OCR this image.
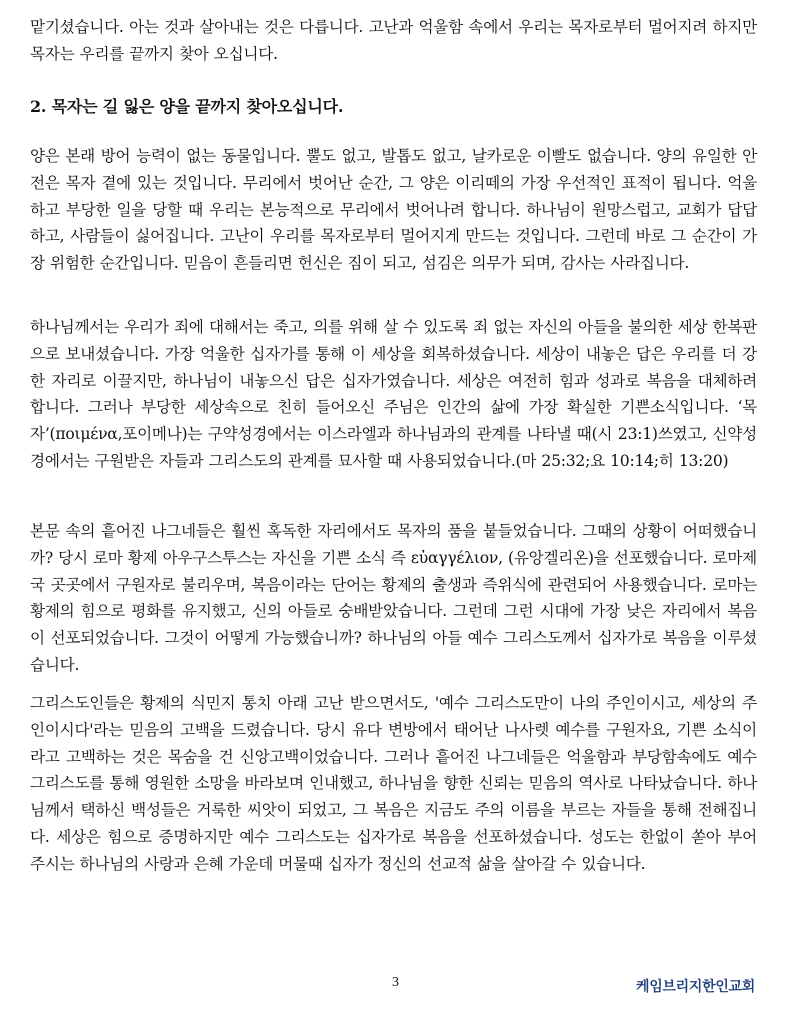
맡기셨습니다. 아는 것과 살아내는 것은 다릅니다. 고난과 억울함 속에서 우리는 목자로부터 멀어지려 하지만 목자는 우리를 끝까지 찾아 오십니다.

2. 목자는 길 잃은 양을 끝까지 찾아오십니다.

양은 본래 방어 능력이 없는 동물입니다. 뿔도 없고, 발톱도 없고, 날카로운 이빨도 없습니다. 양의 유일한 안전은 목자 곁에 있는 것입니다. 무리에서 벗어난 순간, 그 양은 이리떼의 가장 우선적인 표적이 됩니다. 억울하고 부당한 일을 당할 때 우리는 본능적으로 무리에서 벗어나려 합니다. 하나님이 원망스럽고, 교회가 답답하고, 사람들이 싫어집니다. 고난이 우리를 목자로부터 멀어지게 만드는 것입니다. 그런데 바로 그 순간이 가장 위험한 순간입니다. 믿음이 흔들리면 헌신은 짐이 되고, 섬김은 의무가 되며, 감사는 사라집니다.

하나님께서는 우리가 죄에 대해서는 죽고, 의를 위해 살 수 있도록 죄 없는 자신의 아들을 불의한 세상 한복판으로 보내셨습니다. 가장 억울한 십자가를 통해 이 세상을 회복하셨습니다. 세상이 내놓은 답은 우리를 더 강한 자리로 이끌지만, 하나님이 내놓으신 답은 십자가였습니다. 세상은 여전히 힘과 성과로 복음을 대체하려 합니다. 그러나 부당한 세상속으로 친히 들어오신 주님은 인간의 삶에 가장 확실한 기쁜소식입니다. ‘목자’(ποιμένα,포이메나)는 구약성경에서는 이스라엘과 하나님과의 관계를 나타낼 때(시 23:1)쓰였고, 신약성경에서는 구원받은 자들과 그리스도의 관계를 묘사할 때 사용되었습니다.(마 25:32;요 10:14;히 13:20)

본문 속의 흩어진 나그네들은 훨씬 혹독한 자리에서도 목자의 품을 붙들었습니다. 그때의 상황이 어떠했습니까? 당시 로마 황제 아우구스투스는 자신을 기쁜 소식 즉 εὐαγγέλιον, (유앙겔리온)을 선포했습니다. 로마제국 곳곳에서 구원자로 불리우며, 복음이라는 단어는 황제의 출생과 즉위식에 관련되어 사용했습니다. 로마는 황제의 힘으로 평화를 유지했고, 신의 아들로 숭배받았습니다. 그런데 그런 시대에 가장 낮은 자리에서 복음이 선포되었습니다. 그것이 어떻게 가능했습니까? 하나님의 아들 예수 그리스도께서 십자가로 복음을 이루셨습니다.

그리스도인들은 황제의 식민지 통치 아래 고난 받으면서도, '예수 그리스도만이 나의 주인이시고, 세상의 주인이시다'라는 믿음의 고백을 드렸습니다. 당시 유다 변방에서 태어난 나사렛 예수를 구원자요, 기쁜 소식이라고 고백하는 것은 목숨을 건 신앙고백이었습니다. 그러나 흩어진 나그네들은 억울함과 부당함속에도 예수 그리스도를 통해 영원한 소망을 바라보며 인내했고, 하나님을 향한 신뢰는 믿음의 역사로 나타났습니다. 하나님께서 택하신 백성들은 거룩한 씨앗이 되었고, 그 복음은 지금도 주의 이름을 부르는 자들을 통해 전해집니다. 세상은 힘으로 증명하지만 예수 그리스도는 십자가로 복음을 선포하셨습니다. 성도는 한없이 쏟아 부어 주시는 하나님의 사랑과 은혜 가운데 머물때 십자가 정신의 선교적 삶을 살아갈 수 있습니다.

3	케임브리지한인교회
